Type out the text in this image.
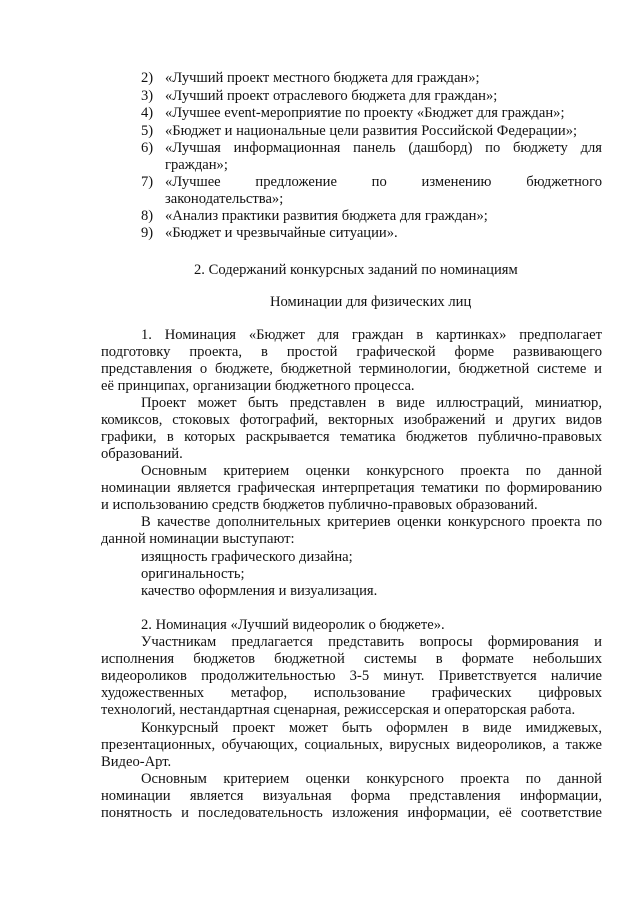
2) «Лучший проект местного бюджета для граждан»;
3) «Лучший проект отраслевого бюджета для граждан»;
4) «Лучшее event-мероприятие по проекту «Бюджет для граждан»;
5) «Бюджет и национальные цели развития Российской Федерации»;
6) «Лучшая информационная панель (дашборд) по бюджету для
граждан»;
7) «Лучшее предложение по изменению бюджетного
законодательства»;
8) «Анализ практики развития бюджета для граждан»;
9) «Бюджет и чрезвычайные ситуации».
2. Содержаний конкурсных заданий по номинациям
Номинации для физических лиц
1. Номинация «Бюджет для граждан в картинках» предполагает
подготовку проекта, в простой графической форме развивающего
представления о бюджете, бюджетной терминологии, бюджетной системе и
её принципах, организации бюджетного процесса.
Проект может быть представлен в виде иллюстраций, миниатюр,
комиксов, стоковых фотографий, векторных изображений и других видов
графики, в которых раскрывается тематика бюджетов публично-правовых
образований.
Основным критерием оценки конкурсного проекта по данной
номинации является графическая интерпретация тематики по формированию
и использованию средств бюджетов публично-правовых образований.
В качестве дополнительных критериев оценки конкурсного проекта по
данной номинации выступают:
изящность графического дизайна;
оригинальность;
качество оформления и визуализация.
2. Номинация «Лучший видеоролик о бюджете».
Участникам предлагается представить вопросы формирования и
исполнения бюджетов бюджетной системы в формате небольших
видеороликов продолжительностью 3-5 минут. Приветствуется наличие
художественных метафор, использование графических цифровых
технологий, нестандартная сценарная, режиссерская и операторская работа.
Конкурсный проект может быть оформлен в виде имиджевых,
презентационных, обучающих, социальных, вирусных видеороликов, а также
Видео-Арт.
Основным критерием оценки конкурсного проекта по данной
номинации является визуальная форма представления информации,
понятность и последовательность изложения информации, её соответствие
